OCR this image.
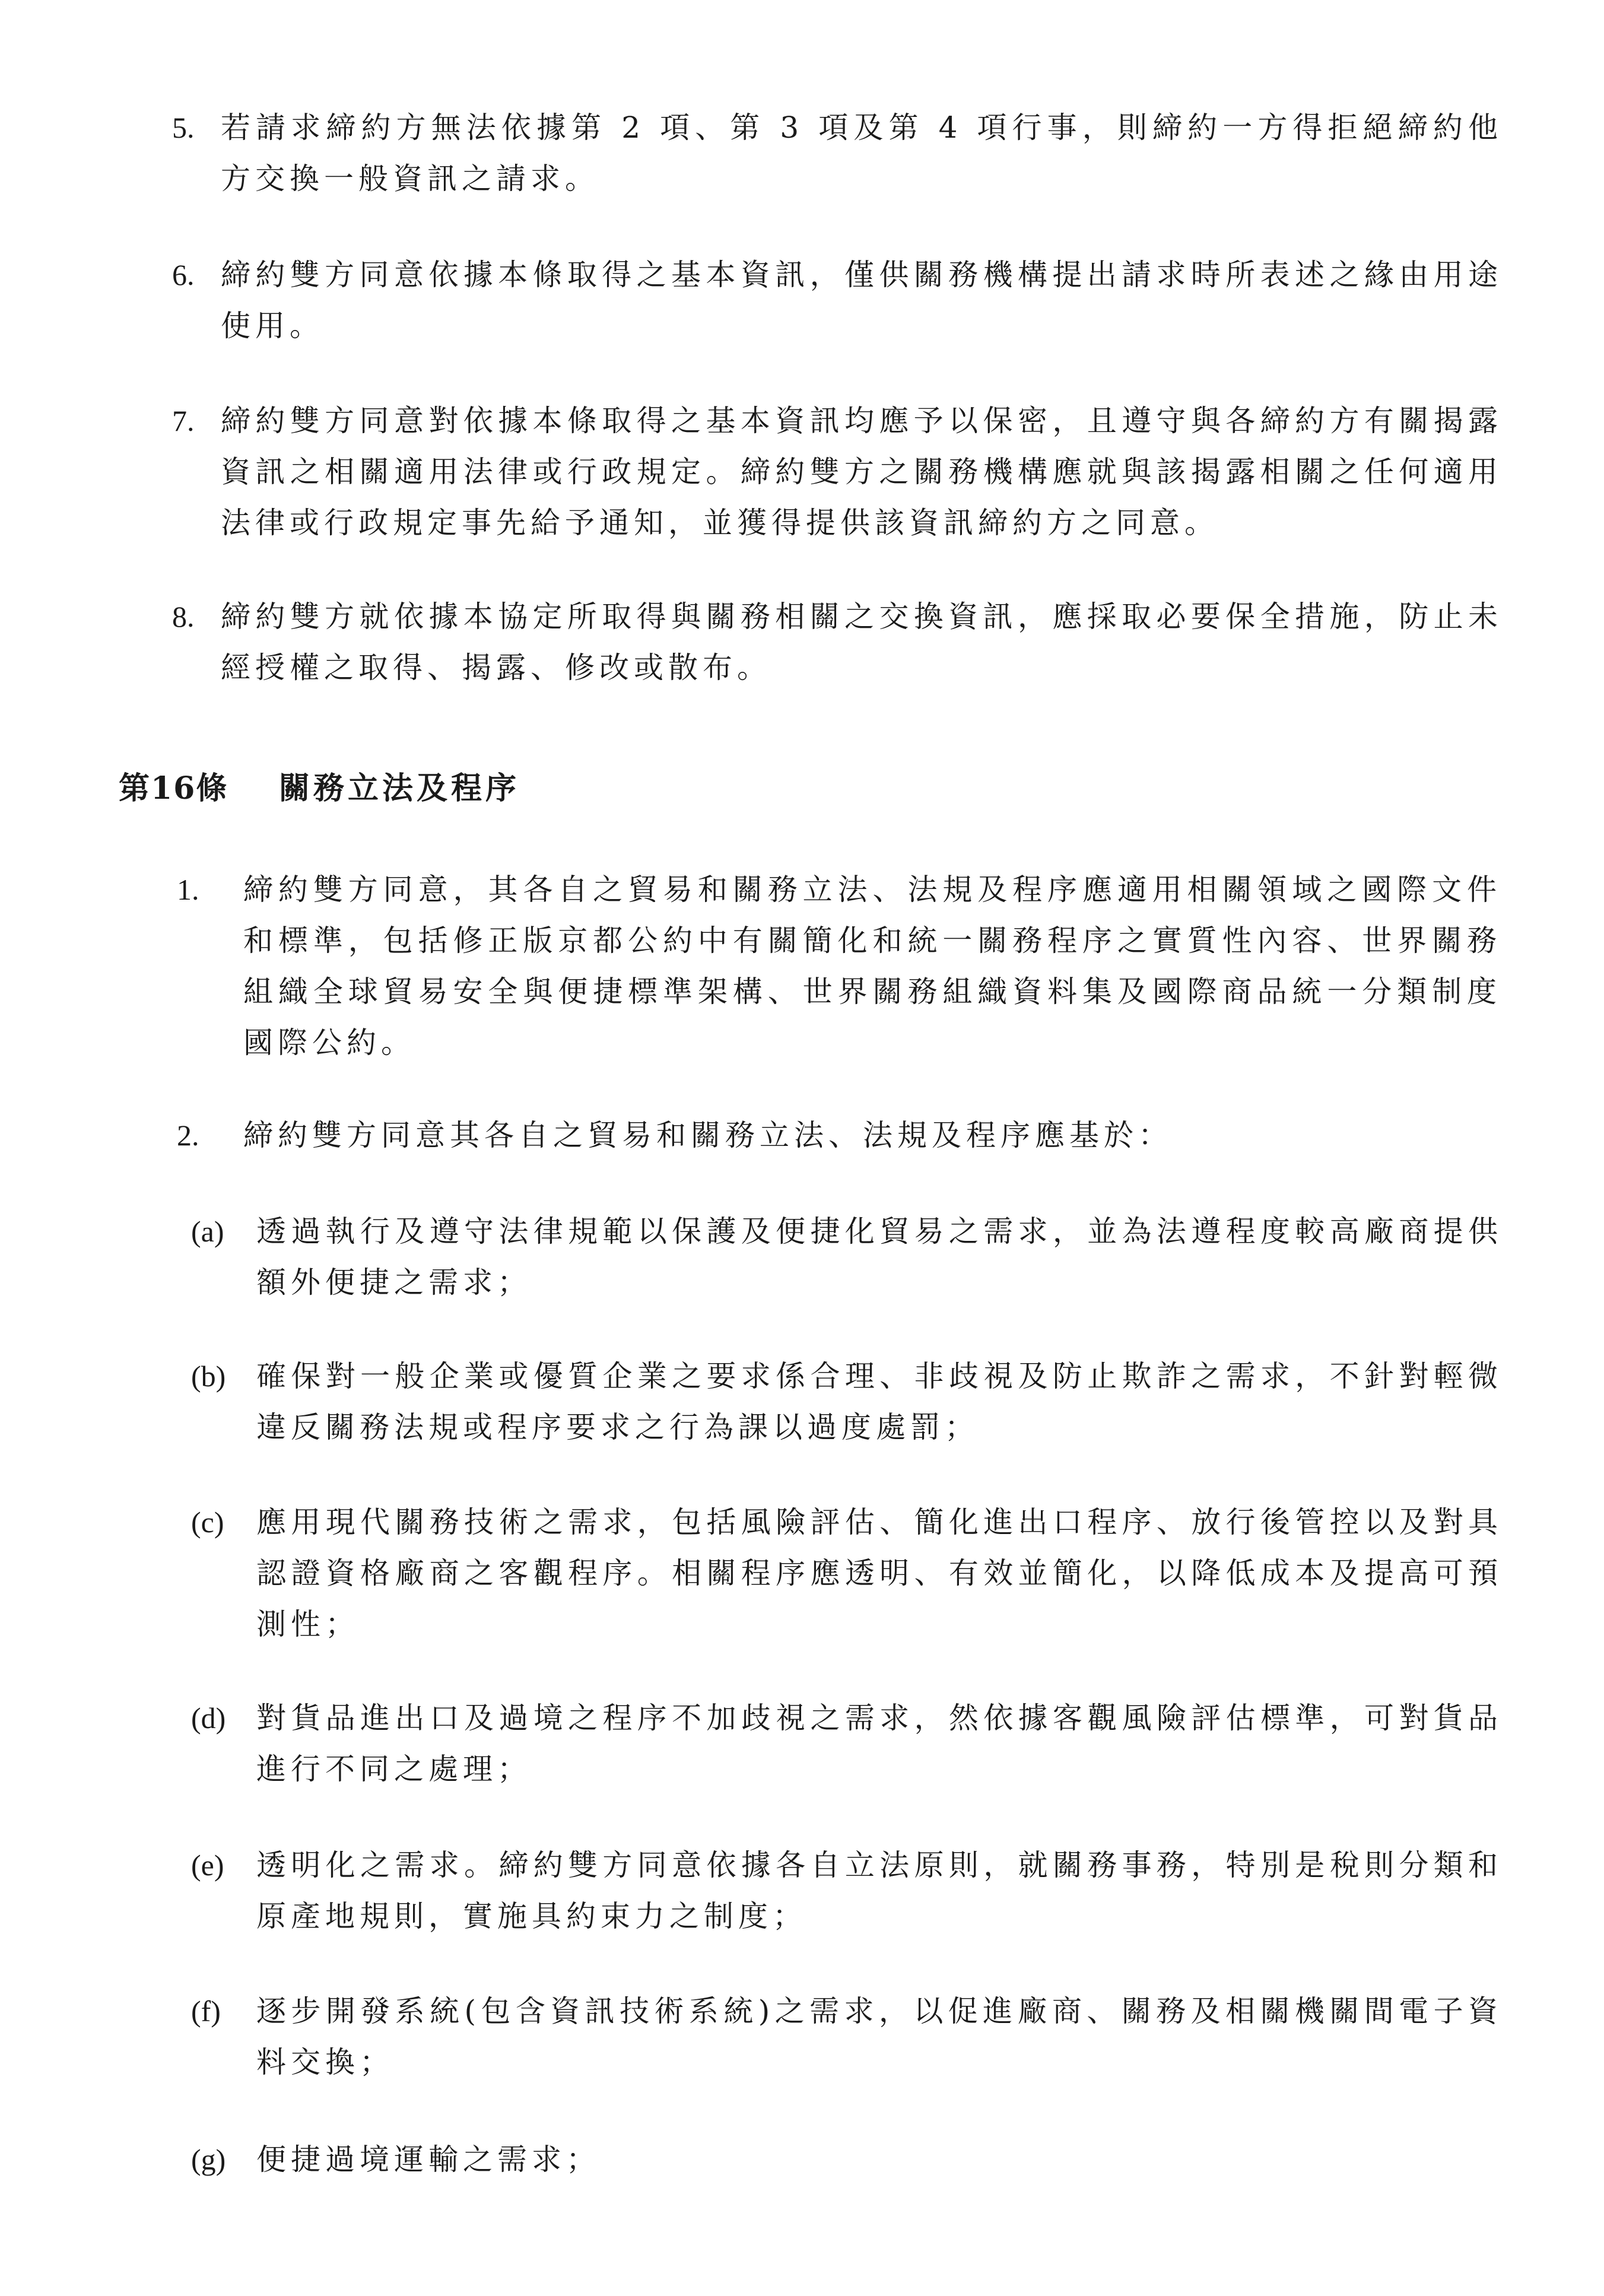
5. 若請求締約方無法依據第 2 項、第 3 項及第 4 項行事，則締約一方得拒絕締約他方交換一般資訊之請求。
6. 締約雙方同意依據本條取得之基本資訊，僅供關務機構提出請求時所表述之緣由用途使用。
7. 締約雙方同意對依據本條取得之基本資訊均應予以保密，且遵守與各締約方有關揭露資訊之相關適用法律或行政規定。締約雙方之關務機構應就與該揭露相關之任何適用法律或行政規定事先給予通知，並獲得提供該資訊締約方之同意。
8. 締約雙方就依據本協定所取得與關務相關之交換資訊，應採取必要保全措施，防止未經授權之取得、揭露、修改或散布。
第16條 關務立法及程序
1. 締約雙方同意，其各自之貿易和關務立法、法規及程序應適用相關領域之國際文件和標準，包括修正版京都公約中有關簡化和統一關務程序之實質性內容、世界關務組織全球貿易安全與便捷標準架構、世界關務組織資料集及國際商品統一分類制度國際公約。
2. 締約雙方同意其各自之貿易和關務立法、法規及程序應基於：
(a) 透過執行及遵守法律規範以保護及便捷化貿易之需求，並為法遵程度較高廠商提供額外便捷之需求；
(b) 確保對一般企業或優質企業之要求係合理、非歧視及防止欺詐之需求，不針對輕微違反關務法規或程序要求之行為課以過度處罰；
(c) 應用現代關務技術之需求，包括風險評估、簡化進出口程序、放行後管控以及對具認證資格廠商之客觀程序。相關程序應透明、有效並簡化，以降低成本及提高可預測性；
(d) 對貨品進出口及過境之程序不加歧視之需求，然依據客觀風險評估標準，可對貨品進行不同之處理；
(e) 透明化之需求。締約雙方同意依據各自立法原則，就關務事務，特別是稅則分類和原產地規則，實施具約束力之制度；
(f) 逐步開發系統(包含資訊技術系統)之需求，以促進廠商、關務及相關機關間電子資料交換；
(g) 便捷過境運輸之需求；
